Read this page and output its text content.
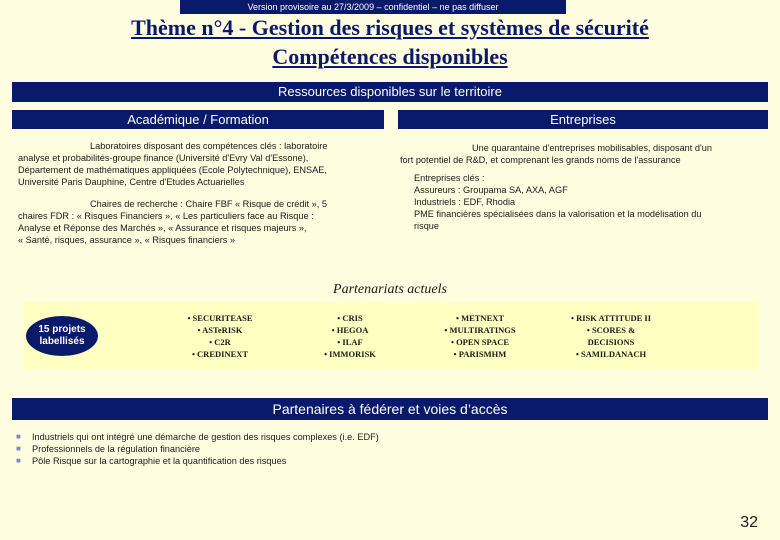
Version provisoire au 27/3/2009 – confidentiel – ne pas diffuser
Thème n°4 - Gestion des risques et systèmes de sécurité
Compétences disponibles
Ressources disponibles sur le territoire
Académique / Formation	Entreprises
Laboratoires disposant des compétences clés : laboratoire
analyse et probabilités-groupe finance (Université d'Evry Val d'Essone),
Département de mathématiques appliquées (Ecole Polytechnique), ENSAE,
Université Paris Dauphine, Centre d'Etudes Actuarielles
Chaires de recherche : Chaire FBF « Risque de crédit », 5
chaires FDR : « Risques Financiers », « Les particuliers face au Risque :
Analyse et Réponse des Marchés », « Assurance et risques majeurs »,
« Santé, risques, assurance », « Risques financiers »
Une quarantaine d'entreprises mobilisables, disposant d'un
fort potentiel de R&D, et comprenant les grands noms de l'assurance
Entreprises clés :
Assureurs : Groupama SA, AXA, AGF
Industriels : EDF, Rhodia
PME financières spécialisées dans la valorisation et la modélisation du
risque
Partenariats actuels
15 projets
labellisés
• SECURITEASE
• ASTeRISK
• C2R
• CREDINEXT
• CRIS
• HEGOA
• ILAF
• IMMORISK
• METNEXT
• MULTIRATINGS
• OPEN SPACE
• PARISMHM
• RISK ATTITUDE II
• SCORES &
DECISIONS
• SAMILDANACH
Partenaires à fédérer et voies d’accès
■ Industriels qui ont intégré une démarche de gestion des risques complexes (i.e. EDF)
■ Professionnels de la régulation financière
■ Pôle Risque sur la cartographie et la quantification des risques
32
